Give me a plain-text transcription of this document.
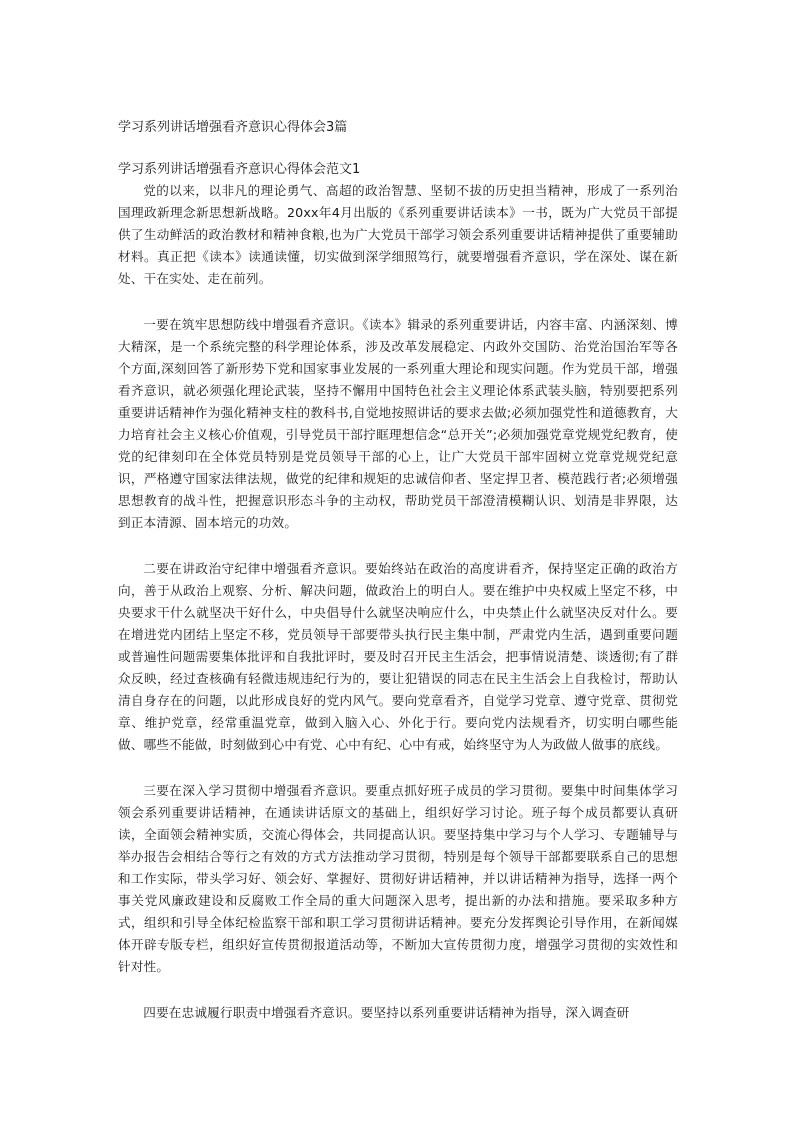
学习系列讲话增强看齐意识心得体会3篇
学习系列讲话增强看齐意识心得体会范文1

党的以来，以非凡的理论勇气、高超的政治智慧、坚韧不拔的历史担当精神，形成了一系列治国理政新理念新思想新战略。20xx年4月出版的《系列重要讲话读本》一书，既为广大党员干部提供了生动鲜活的政治教材和精神食粮,也为广大党员干部学习领会系列重要讲话精神提供了重要辅助材料。真正把《读本》读通读懂，切实做到深学细照笃行，就要增强看齐意识，学在深处、谋在新处、干在实处、走在前列。

一要在筑牢思想防线中增强看齐意识。《读本》辑录的系列重要讲话，内容丰富、内涵深刻、博大精深，是一个系统完整的科学理论体系，涉及改革发展稳定、内政外交国防、治党治国治军等各个方面,深刻回答了新形势下党和国家事业发展的一系列重大理论和现实问题。作为党员干部，增强看齐意识，就必须强化理论武装，坚持不懈用中国特色社会主义理论体系武装头脑，特别要把系列重要讲话精神作为强化精神支柱的教科书,自觉地按照讲话的要求去做;必须加强党性和道德教育，大力培育社会主义核心价值观，引导党员干部拧眶理想信念“总开关”;必须加强党章党规党纪教育，使党的纪律刻印在全体党员特别是党员领导干部的心上，让广大党员干部牢固树立党章党规党纪意识，严格遵守国家法律法规，做党的纪律和规矩的忠诚信仰者、坚定捍卫者、模范践行者;必须增强思想教育的战斗性，把握意识形态斗争的主动权，帮助党员干部澄清模糊认识、划清是非界限，达到正本清源、固本培元的功效。

二要在讲政治守纪律中增强看齐意识。要始终站在政治的高度讲看齐，保持坚定正确的政治方向，善于从政治上观察、分析、解决问题，做政治上的明白人。要在维护中央权威上坚定不移，中央要求干什么就坚决干好什么，中央倡导什么就坚决响应什么，中央禁止什么就坚决反对什么。要在增进党内团结上坚定不移，党员领导干部要带头执行民主集中制，严肃党内生活，遇到重要问题或普遍性问题需要集体批评和自我批评时，要及时召开民主生活会，把事情说清楚、谈透彻;有了群众反映，经过查核确有轻微违规违纪行为的，要让犯错误的同志在民主生活会上自我检讨，帮助认清自身存在的问题，以此形成良好的党内风气。要向党章看齐，自觉学习党章、遵守党章、贯彻党章、维护党章，经常重温党章，做到入脑入心、外化于行。要向党内法规看齐，切实明白哪些能做、哪些不能做，时刻做到心中有党、心中有纪、心中有戒，始终坚守为人为政做人做事的底线。

三要在深入学习贯彻中增强看齐意识。要重点抓好班子成员的学习贯彻。要集中时间集体学习领会系列重要讲话精神，在通读讲话原文的基础上，组织好学习讨论。班子每个成员都要认真研读，全面领会精神实质，交流心得体会，共同提高认识。要坚持集中学习与个人学习、专题辅导与举办报告会相结合等行之有效的方式方法推动学习贯彻，特别是每个领导干部都要联系自己的思想和工作实际，带头学习好、领会好、掌握好、贯彻好讲话精神，并以讲话精神为指导，选择一两个事关党风廉政建设和反腐败工作全局的重大问题深入思考，提出新的办法和措施。要采取多种方式，组织和引导全体纪检监察干部和职工学习贯彻讲话精神。要充分发挥舆论引导作用，在新闻媒体开辟专版专栏，组织好宣传贯彻报道活动等，不断加大宣传贯彻力度，增强学习贯彻的实效性和针对性。

四要在忠诚履行职责中增强看齐意识。要坚持以系列重要讲话精神为指导，深入调查研
